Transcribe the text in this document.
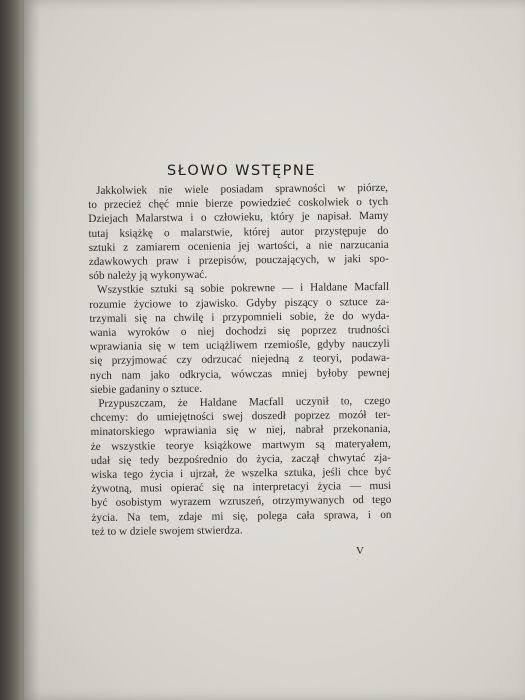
SŁOWO WSTĘPNE
Jakkolwiek nie wiele posiadam sprawności w piórze,
to przecież chęć mnie bierze powiedzieć coskolwiek o tych
Dziejach Malarstwa i o człowieku, który je napisał. Mamy
tutaj książkę o malarstwie, której autor przystępuje do
sztuki z zamiarem ocenienia jej wartości, a nie narzucania
zdawkowych praw i przepisów, pouczających, w jaki spo-
sób należy ją wykonywać.
Wszystkie sztuki są sobie pokrewne — i Haldane Macfall
rozumie życiowe to zjawisko. Gdyby piszący o sztuce za-
trzymali się na chwilę i przypomnieli sobie, że do wyda-
wania wyroków o niej dochodzi się poprzez trudności
wprawiania się w tem uciążliwem rzemiośle, gdyby nauczyli
się przyjmować czy odrzucać niejedną z teoryi, podawa-
nych nam jako odkrycia, wówczas mniej byłoby pewnej
siebie gadaniny o sztuce.
Przypuszczam, że Haldane Macfall uczynił to, czego
chcemy: do umiejętności swej doszedł poprzez mozół ter-
minatorskiego wprawiania się w niej, nabrał przekonania,
że wszystkie teorye książkowe martwym są materyałem,
udał się tedy bezpośrednio do życia, zaczął chwytać zja-
wiska tego życia i ujrzał, że wszelka sztuka, jeśli chce być
żywotną, musi opierać się na interpretacyi życia — musi
być osobistym wyrazem wzruszeń, otrzymywanych od tego
życia. Na tem, zdaje mi się, polega cała sprawa, i on
też to w dziele swojem stwierdza.
V
